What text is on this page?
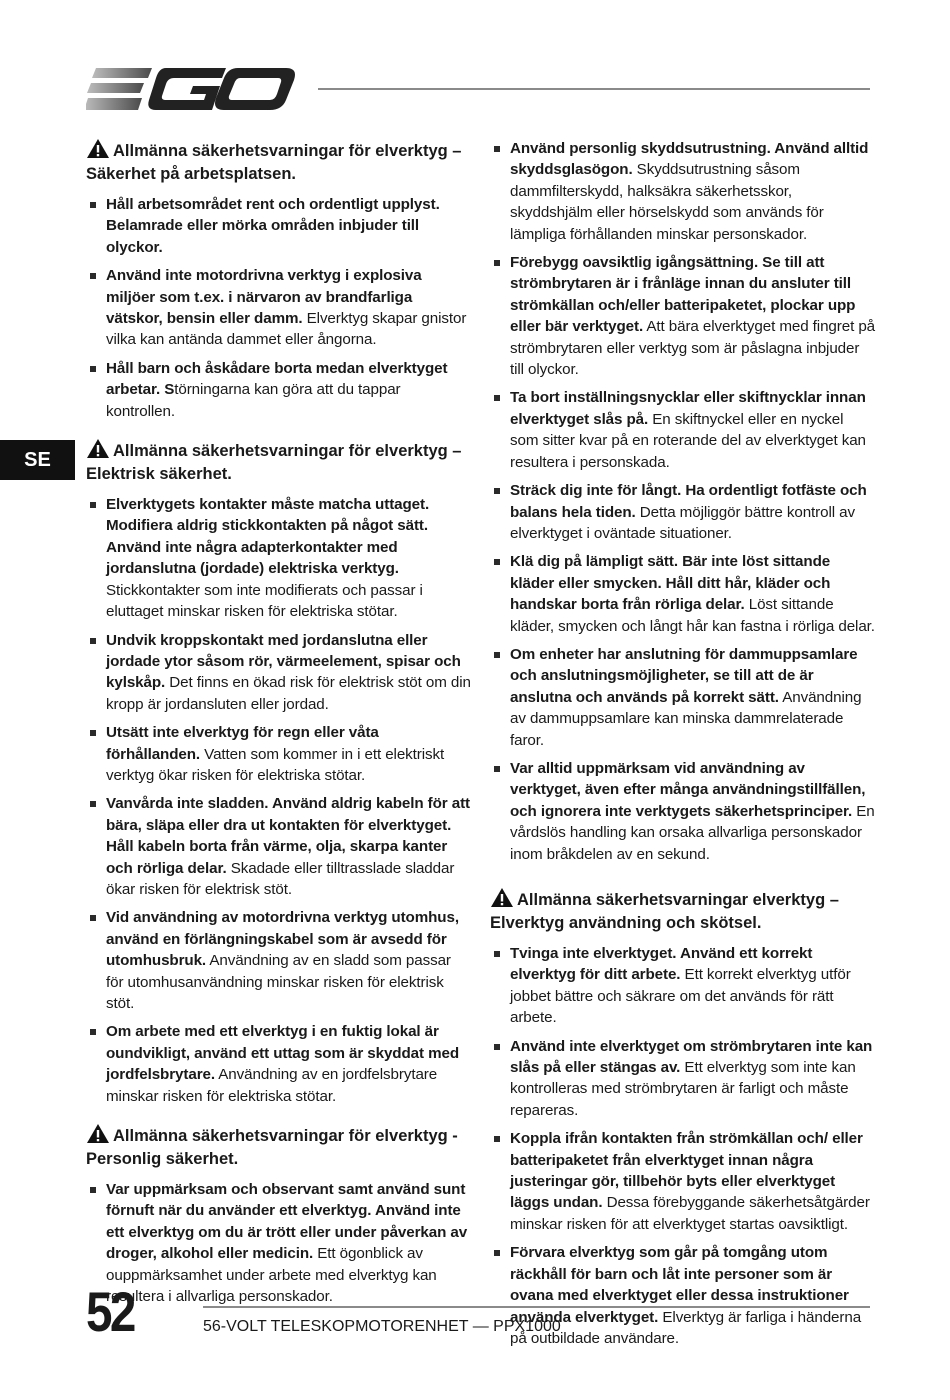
SE
Allmänna säkerhetsvarningar för elverktyg – Säkerhet på arbetsplatsen.
Håll arbetsområdet rent och ordentligt upplyst. Belamrade eller mörka områden inbjuder till olyckor.
Använd inte motordrivna verktyg i explosiva miljöer som t.ex. i närvaron av brandfarliga vätskor, bensin eller damm. Elverktyg skapar gnistor vilka kan antända dammet eller ångorna.
Håll barn och åskådare borta medan elverktyget arbetar. Störningarna kan göra att du tappar kontrollen.
Allmänna säkerhetsvarningar för elverktyg – Elektrisk säkerhet.
Elverktygets kontakter måste matcha uttaget. Modifiera aldrig stickkontakten på något sätt. Använd inte några adapterkontakter med jordanslutna (jordade) elektriska verktyg. Stickkontakter som inte modifierats och passar i eluttaget minskar risken för elektriska stötar.
Undvik kroppskontakt med jordanslutna eller jordade ytor såsom rör, värmeelement, spisar och kylskåp. Det finns en ökad risk för elektrisk stöt om din kropp är jordansluten eller jordad.
Utsätt inte elverktyg för regn eller våta förhållanden. Vatten som kommer in i ett elektriskt verktyg ökar risken för elektriska stötar.
Vanvårda inte sladden. Använd aldrig kabeln för att bära, släpa eller dra ut kontakten för elverktyget. Håll kabeln borta från värme, olja, skarpa kanter och rörliga delar. Skadade eller tilltrasslade sladdar ökar risken för elektrisk stöt.
Vid användning av motordrivna verktyg utomhus, använd en förlängningskabel som är avsedd för utomhusbruk. Användning av en sladd som passar för utomhusanvändning minskar risken för elektrisk stöt.
Om arbete med ett elverktyg i en fuktig lokal är oundvikligt, använd ett uttag som är skyddat med jordfelsbrytare. Användning av en jordfelsbrytare minskar risken för elektriska stötar.
Allmänna säkerhetsvarningar för elverktyg - Personlig säkerhet.
Var uppmärksam och observant samt använd sunt förnuft när du använder ett elverktyg. Använd inte ett elverktyg om du är trött eller under påverkan av droger, alkohol eller medicin. Ett ögonblick av ouppmärksamhet under arbete med elverktyg kan resultera i allvarliga personskador.
Använd personlig skyddsutrustning. Använd alltid skyddsglasögon. Skyddsutrustning såsom dammfilterskydd, halksäkra säkerhetsskor, skyddshjälm eller hörselskydd som används för lämpliga förhållanden minskar personskador.
Förebygg oavsiktlig igångsättning. Se till att strömbrytaren är i frånläge innan du ansluter till strömkällan och/eller batteripaketet, plockar upp eller bär verktyget. Att bära elverktyget med fingret på strömbrytaren eller verktyg som är påslagna inbjuder till olyckor.
Ta bort inställningsnycklar eller skiftnycklar innan elverktyget slås på. En skiftnyckel eller en nyckel som sitter kvar på en roterande del av elverktyget kan resultera i personskada.
Sträck dig inte för långt. Ha ordentligt fotfäste och balans hela tiden. Detta möjliggör bättre kontroll av elverktyget i oväntade situationer.
Klä dig på lämpligt sätt. Bär inte löst sittande kläder eller smycken. Håll ditt hår, kläder och handskar borta från rörliga delar. Löst sittande kläder, smycken och långt hår kan fastna i rörliga delar.
Om enheter har anslutning för dammuppsamlare och anslutningsmöjligheter, se till att de är anslutna och används på korrekt sätt. Användning av dammuppsamlare kan minska dammrelaterade faror.
Var alltid uppmärksam vid användning av verktyget, även efter många användningstillfällen, och ignorera inte verktygets säkerhetsprinciper. En vårdslös handling kan orsaka allvarliga personskador inom bråkdelen av en sekund.
Allmänna säkerhetsvarningar elverktyg – Elverktyg användning och skötsel.
Tvinga inte elverktyget. Använd ett korrekt elverktyg för ditt arbete. Ett korrekt elverktyg utför jobbet bättre och säkrare om det används för rätt arbete.
Använd inte elverktyget om strömbrytaren inte kan slås på eller stängas av. Ett elverktyg som inte kan kontrolleras med strömbrytaren är farligt och måste repareras.
Koppla ifrån kontakten från strömkällan och/ eller batteripaketet från elverktyget innan några justeringar gör, tillbehör byts eller elverktyget läggs undan. Dessa förebyggande säkerhetsåtgärder minskar risken för att elverktyget startas oavsiktligt.
Förvara elverktyg som går på tomgång utom räckhåll för barn och låt inte personer som är ovana med elverktyget eller dessa instruktioner använda elverktyget. Elverktyg är farliga i händerna på outbildade användare.
52	56-VOLT TELESKOPMOTORENHET — PPX1000
